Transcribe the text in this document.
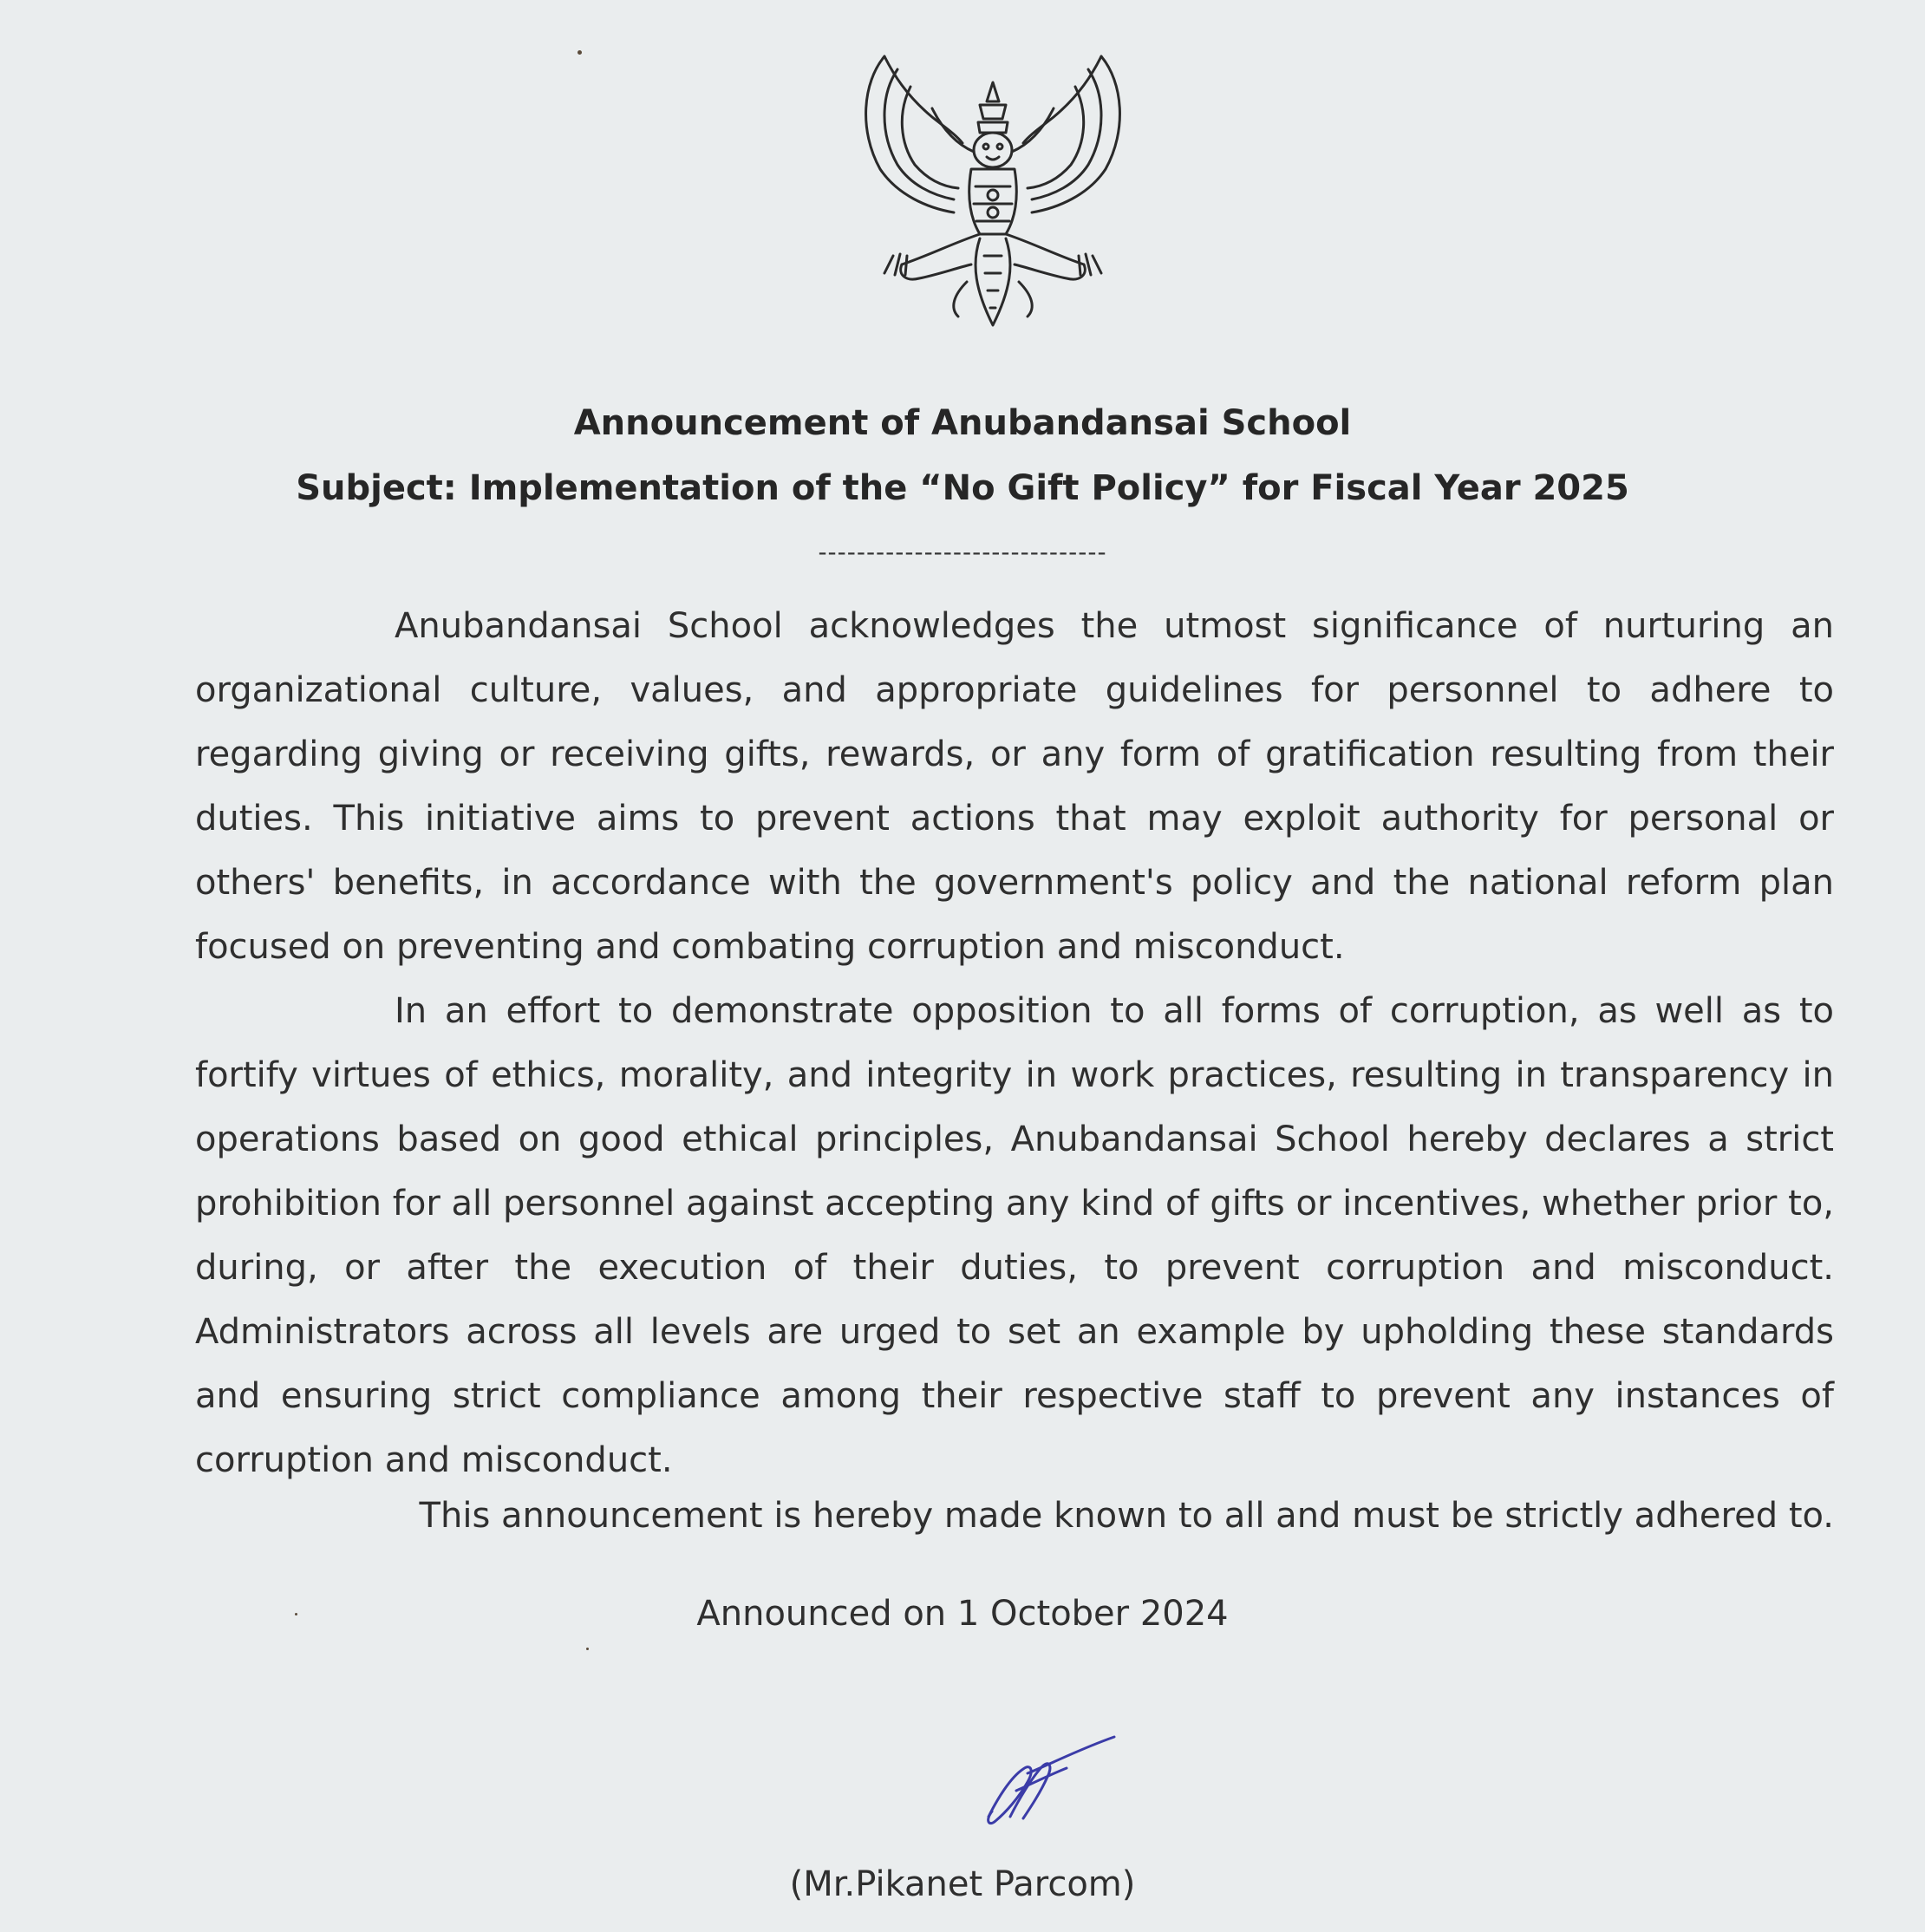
Announcement of Anubandansai School
Subject: Implementation of the “No Gift Policy” for Fiscal Year 2025
------------------------------

Anubandansai School acknowledges the utmost significance of nurturing an organizational culture, values, and appropriate guidelines for personnel to adhere to regarding giving or receiving gifts, rewards, or any form of gratification resulting from their duties. This initiative aims to prevent actions that may exploit authority for personal or others' benefits, in accordance with the government's policy and the national reform plan focused on preventing and combating corruption and misconduct.

In an effort to demonstrate opposition to all forms of corruption, as well as to fortify virtues of ethics, morality, and integrity in work practices, resulting in transparency in operations based on good ethical principles, Anubandansai School hereby declares a strict prohibition for all personnel against accepting any kind of gifts or incentives, whether prior to, during, or after the execution of their duties, to prevent corruption and misconduct. Administrators across all levels are urged to set an example by upholding these standards and ensuring strict compliance among their respective staff to prevent any instances of corruption and misconduct.

This announcement is hereby made known to all and must be strictly adhered to.
Announced on 1 October 2024
(Mr.Pikanet Parcom)
